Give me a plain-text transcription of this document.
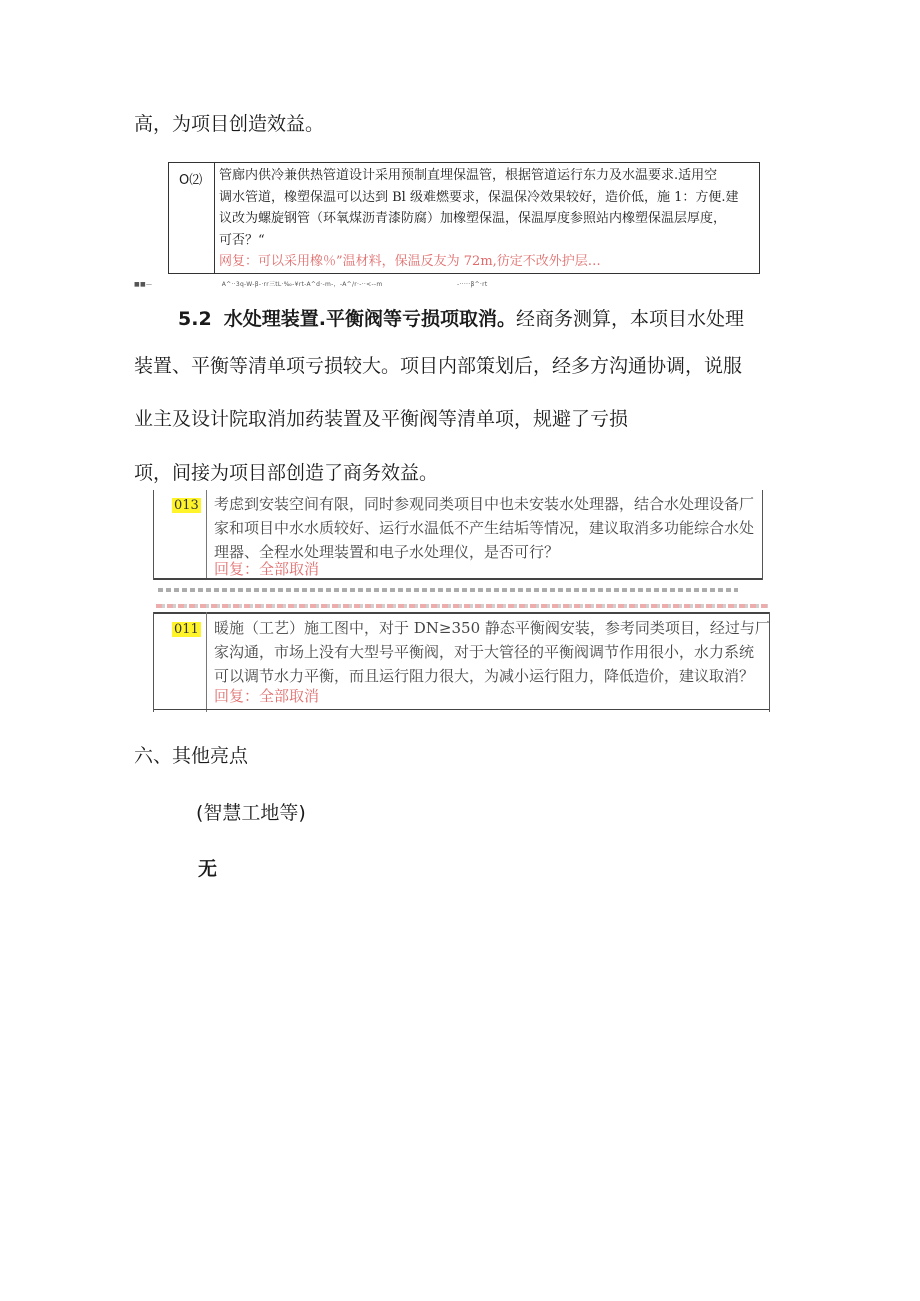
高，为项目创造效益。
O⑵ 管廊内供冷兼供热管道设计采用预制直埋保温管，根据管道运行东力及水温要求.适用空
调水管道，橡塑保温可以达到 Bl 级难燃要求，保温保冷效果较好，造价低，施 1：方便.建
议改为螺旋钢管（环氧煤沥青漆防腐）加橡塑保温，保温厚度参照站内橡塑保温层厚度，
可否？“
网复：可以采用橡％”温材料，保温反友为 72m,彷定不改外护层…
■■—	A^··3q-W-β-·rr三tL·‰-¥rt-A^d·-m-，-A^/r·-··<--m	-·····β^·rt
5.2 水处理装置.平衡阀等亏损项取消。经商务测算，本项目水处理
装置、平衡等清单项亏损较大。项目内部策划后，经多方沟通协调，说服
业主及设计院取消加药装置及平衡阀等清单项，规避了亏损
项，间接为项目部创造了商务效益。
013 考虑到安装空间有限，同时参观同类项目中也未安装水处理器，结合水处理设备厂
家和项目中水水质较好、运行水温低不产生结垢等情况，建议取消多功能综合水处
理器、全程水处理装置和电子水处理仪，是否可行？
回复：全部取消
011 暖施（工艺）施工图中，对于 DN≥350 静态平衡阀安装，参考同类项目，经过与厂
家沟通，市场上没有大型号平衡阀，对于大管径的平衡阀调节作用很小，水力系统
可以调节水力平衡，而且运行阻力很大，为减小运行阻力，降低造价，建议取消？
回复：全部取消
六、其他亮点
(智慧工地等)
无
